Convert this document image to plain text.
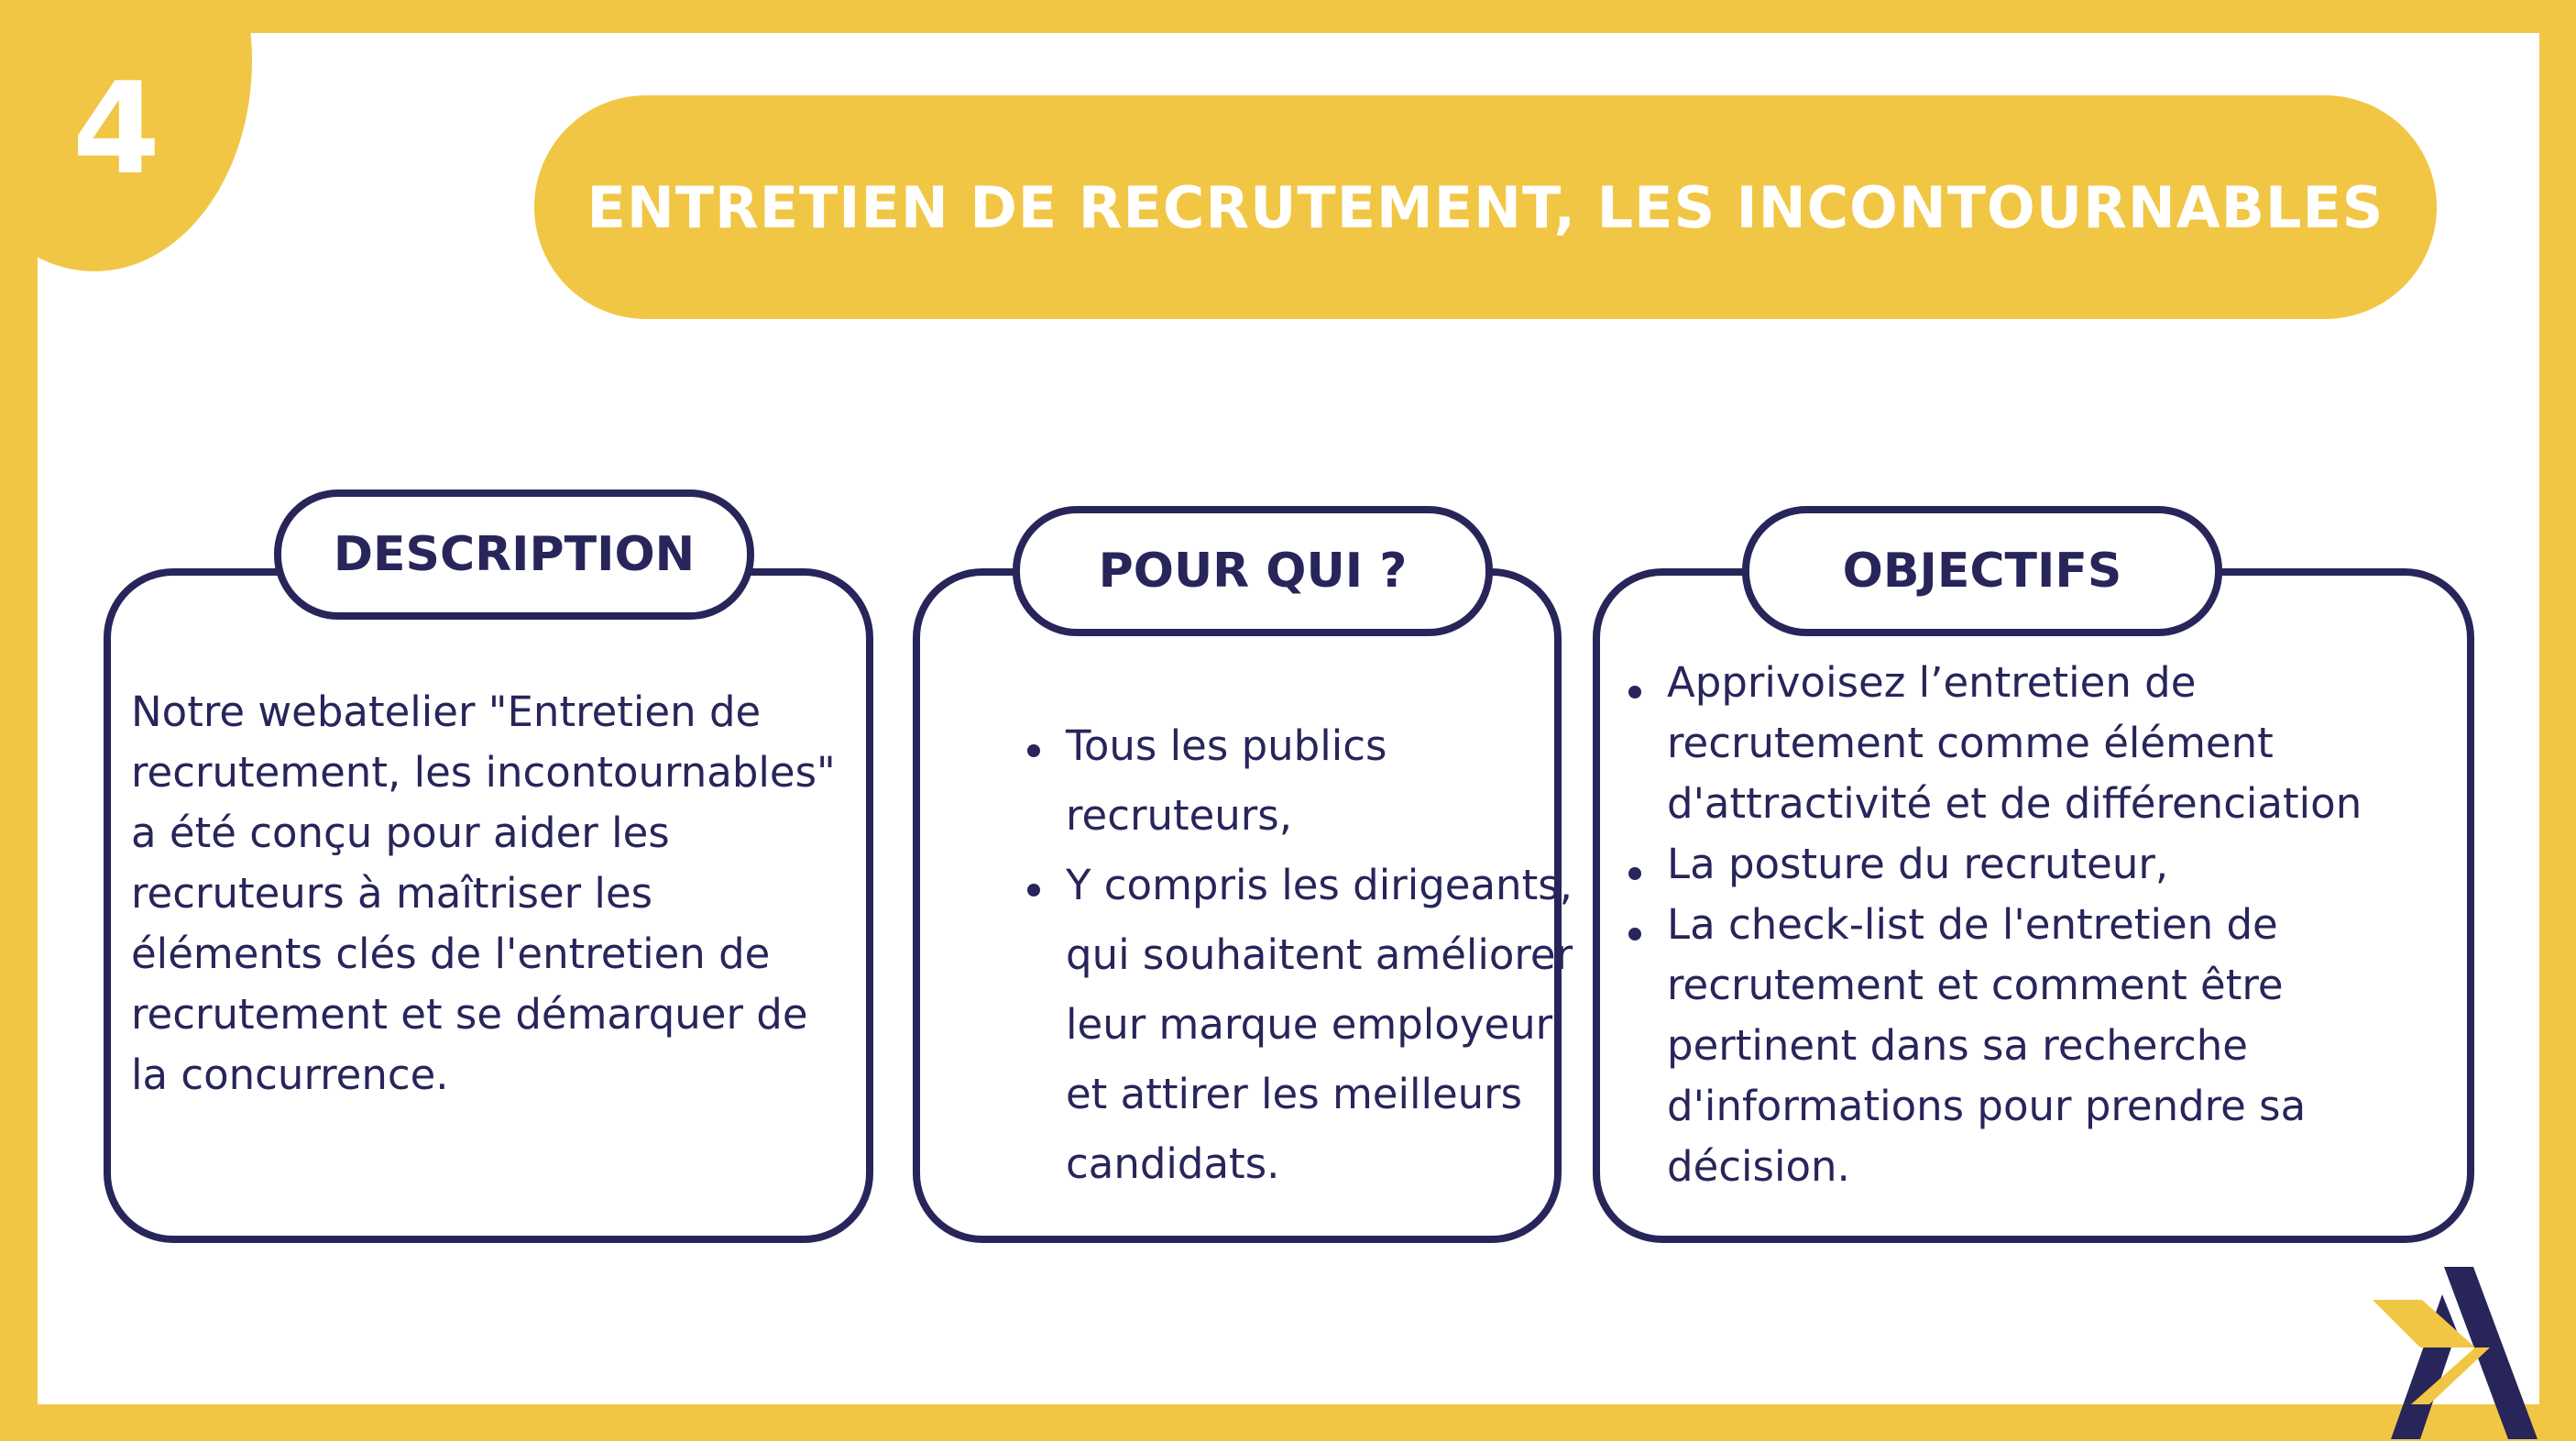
4
ENTRETIEN DE RECRUTEMENT, LES INCONTOURNABLES
DESCRIPTION
Notre webatelier "Entretien de recrutement, les incontournables" a été conçu pour aider les recruteurs à maîtriser les éléments clés de l'entretien de recrutement et se démarquer de la concurrence.
POUR QUI ?
Tous les publics recruteurs,
Y compris les dirigeants, qui souhaitent améliorer leur marque employeur et attirer les meilleurs candidats.
OBJECTIFS
Apprivoisez l’entretien de recrutement comme élément d'attractivité et de différenciation
La posture du recruteur,
La check-list de l'entretien de recrutement et comment être pertinent dans sa recherche d'informations pour prendre sa décision.
